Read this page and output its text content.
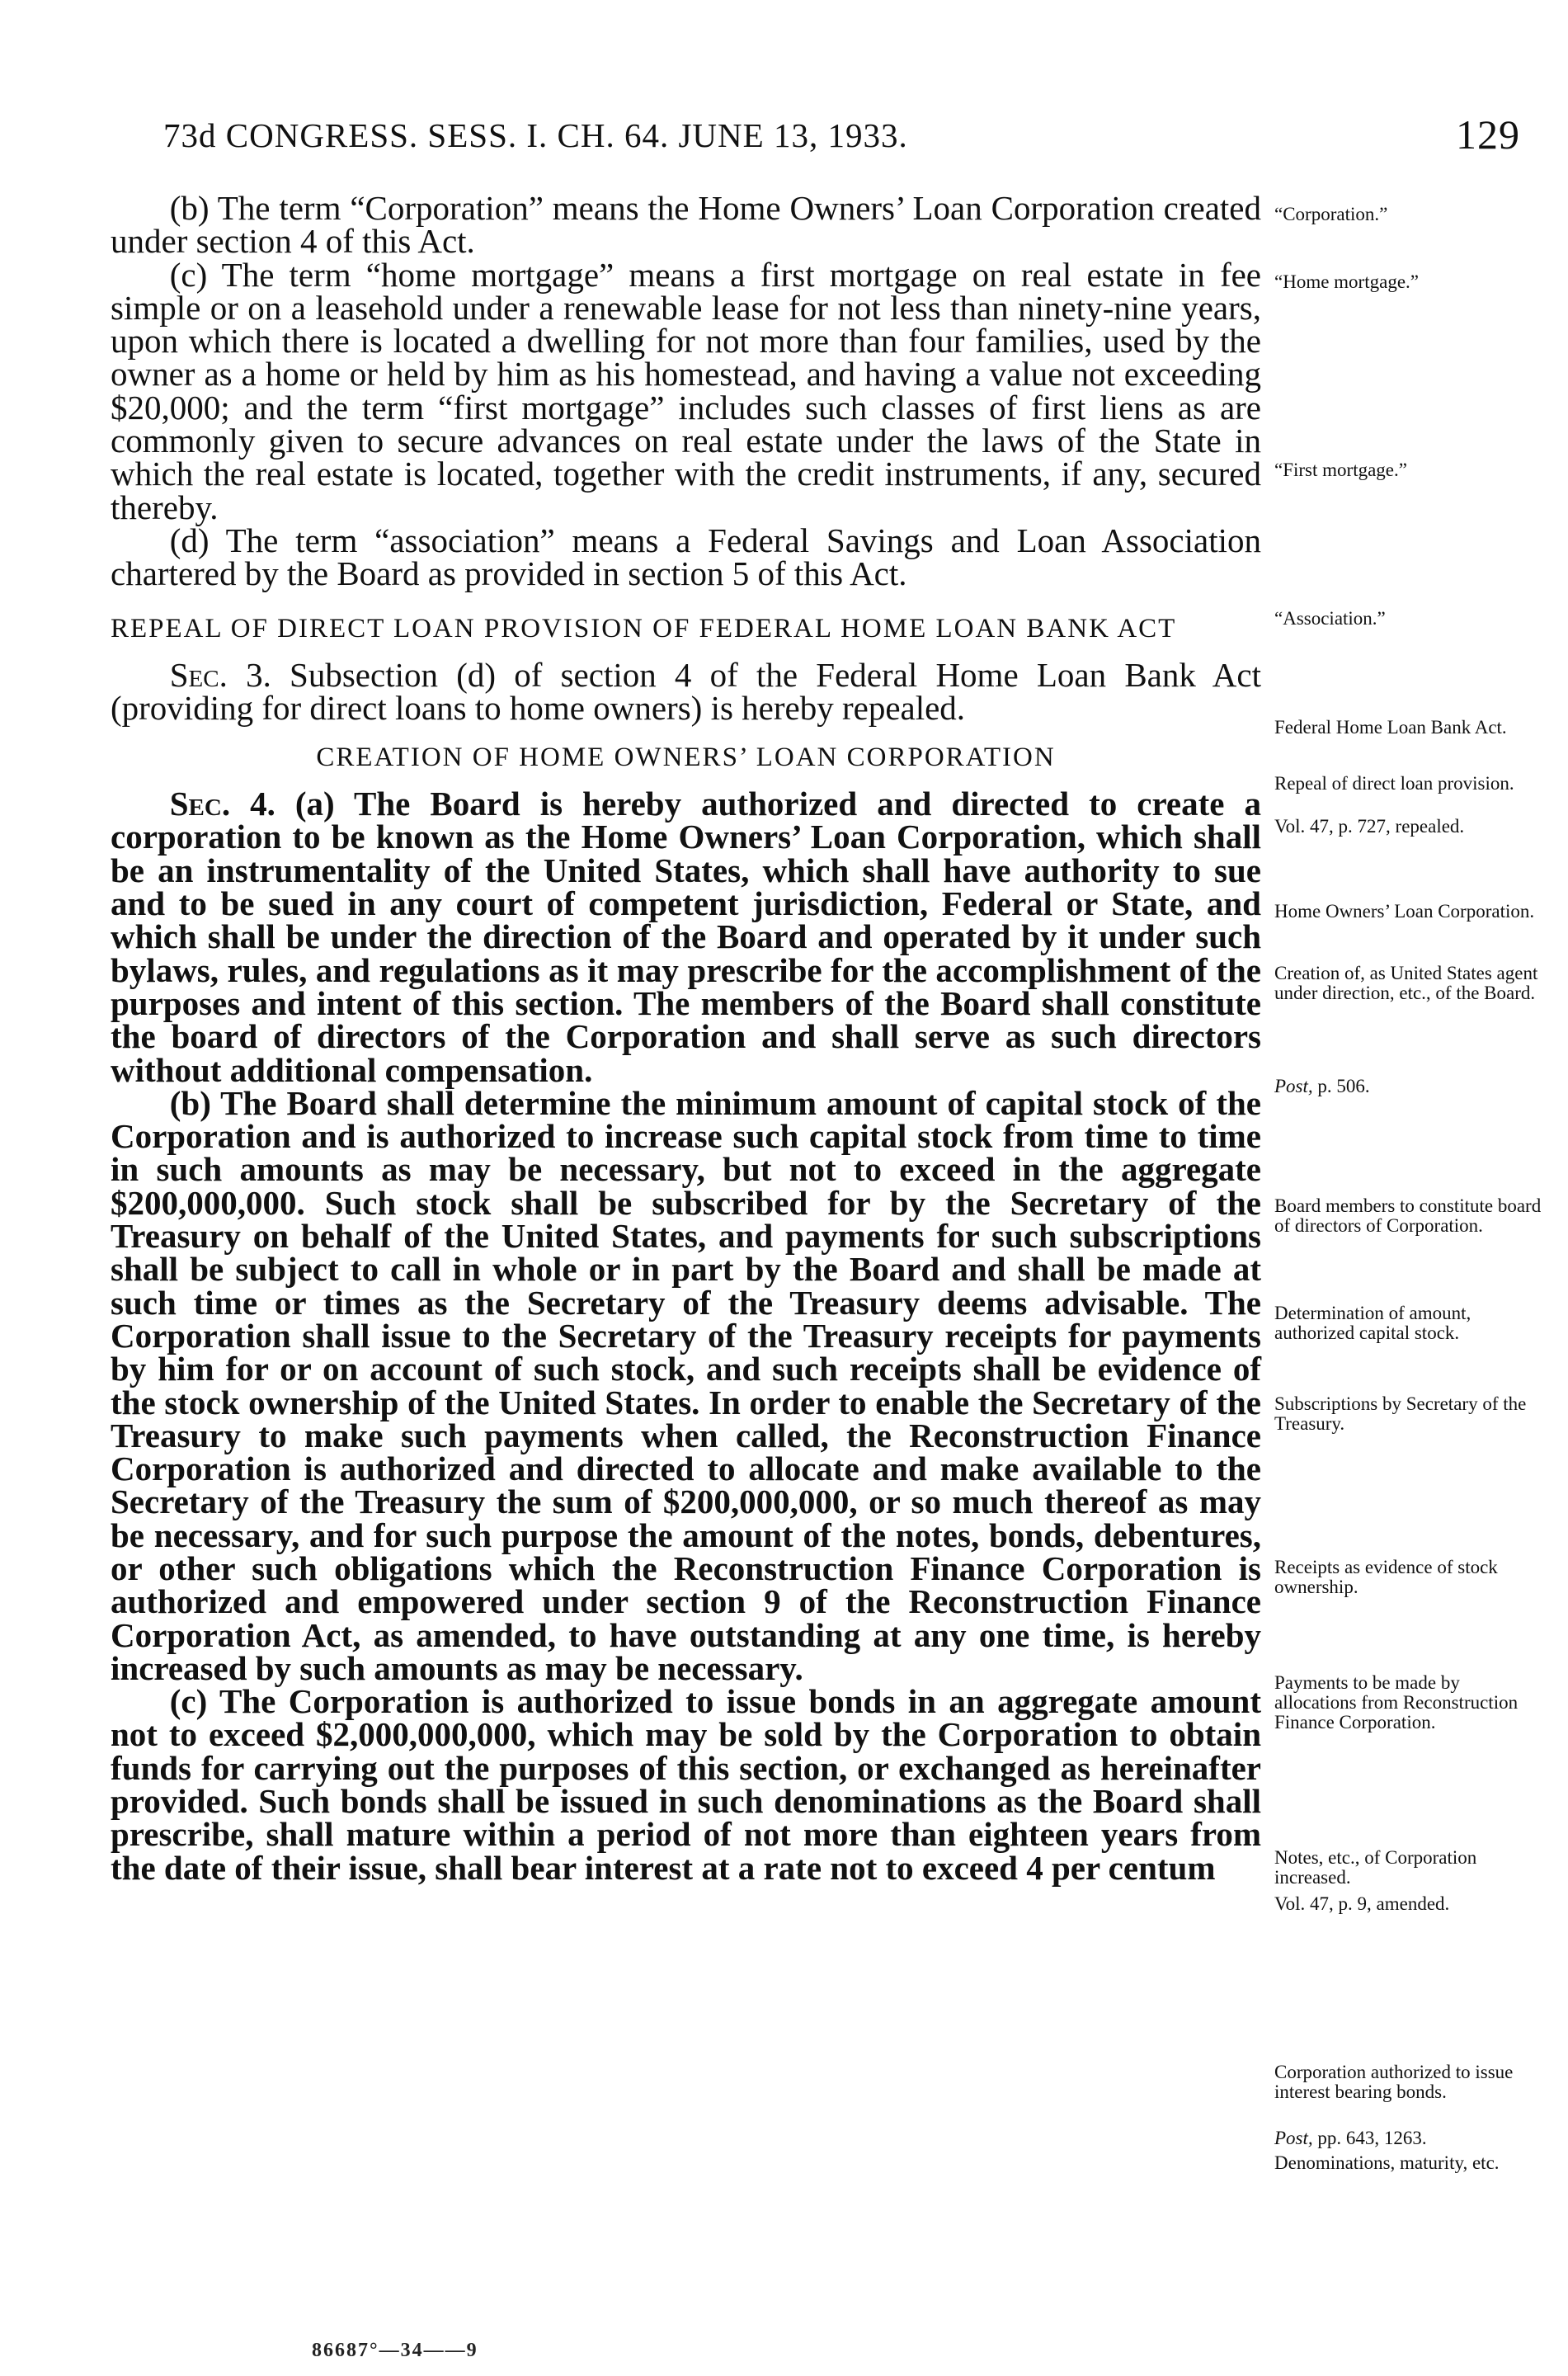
73d CONGRESS. SESS. I. CH. 64. JUNE 13, 1933.	129

(b) The term “Corporation” means the Home Owners’ Loan Corporation created under section 4 of this Act.

(c) The term “home mortgage” means a first mortgage on real estate in fee simple or on a leasehold under a renewable lease for not less than ninety-nine years, upon which there is located a dwelling for not more than four families, used by the owner as a home or held by him as his homestead, and having a value not exceeding $20,000; and the term “first mortgage” includes such classes of first liens as are commonly given to secure advances on real estate under the laws of the State in which the real estate is located, together with the credit instruments, if any, secured thereby.

(d) The term “association” means a Federal Savings and Loan Association chartered by the Board as provided in section 5 of this Act.

REPEAL OF DIRECT LOAN PROVISION OF FEDERAL HOME LOAN BANK ACT

Sec. 3. Subsection (d) of section 4 of the Federal Home Loan Bank Act (providing for direct loans to home owners) is hereby repealed.

CREATION OF HOME OWNERS’ LOAN CORPORATION

Sec. 4. (a) The Board is hereby authorized and directed to create a corporation to be known as the Home Owners’ Loan Corporation, which shall be an instrumentality of the United States, which shall have authority to sue and to be sued in any court of competent jurisdiction, Federal or State, and which shall be under the direction of the Board and operated by it under such bylaws, rules, and regulations as it may prescribe for the accomplishment of the purposes and intent of this section. The members of the Board shall constitute the board of directors of the Corporation and shall serve as such directors without additional compensation.

(b) The Board shall determine the minimum amount of capital stock of the Corporation and is authorized to increase such capital stock from time to time in such amounts as may be necessary, but not to exceed in the aggregate $200,000,000. Such stock shall be subscribed for by the Secretary of the Treasury on behalf of the United States, and payments for such subscriptions shall be subject to call in whole or in part by the Board and shall be made at such time or times as the Secretary of the Treasury deems advisable. The Corporation shall issue to the Secretary of the Treasury receipts for payments by him for or on account of such stock, and such receipts shall be evidence of the stock ownership of the United States. In order to enable the Secretary of the Treasury to make such payments when called, the Reconstruction Finance Corporation is authorized and directed to allocate and make available to the Secretary of the Treasury the sum of $200,000,000, or so much thereof as may be necessary, and for such purpose the amount of the notes, bonds, debentures, or other such obligations which the Reconstruction Finance Corporation is authorized and empowered under section 9 of the Reconstruction Finance Corporation Act, as amended, to have outstanding at any one time, is hereby increased by such amounts as may be necessary.

(c) The Corporation is authorized to issue bonds in an aggregate amount not to exceed $2,000,000,000, which may be sold by the Corporation to obtain funds for carrying out the purposes of this section, or exchanged as hereinafter provided. Such bonds shall be issued in such denominations as the Board shall prescribe, shall mature within a period of not more than eighteen years from the date of their issue, shall bear interest at a rate not to exceed 4 per centum

“Corporation.”
“Home mortgage.”
“First mortgage.”
“Association.”
Federal Home Loan Bank Act.
Repeal of direct loan provision.
Vol. 47, p. 727, repealed.
Home Owners’ Loan Corporation.
Creation of, as United States agent under direction, etc., of the Board.
Post, p. 506.
Board members to constitute board of directors of Corporation.
Determination of amount, authorized capital stock.
Subscriptions by Secretary of the Treasury.
Receipts as evidence of stock ownership.
Payments to be made by allocations from Reconstruction Finance Corporation.
Notes, etc., of Corporation increased.
Vol. 47, p. 9, amended.
Corporation authorized to issue interest bearing bonds.
Post, pp. 643, 1263.
Denominations, maturity, etc.
86687°—34——9
